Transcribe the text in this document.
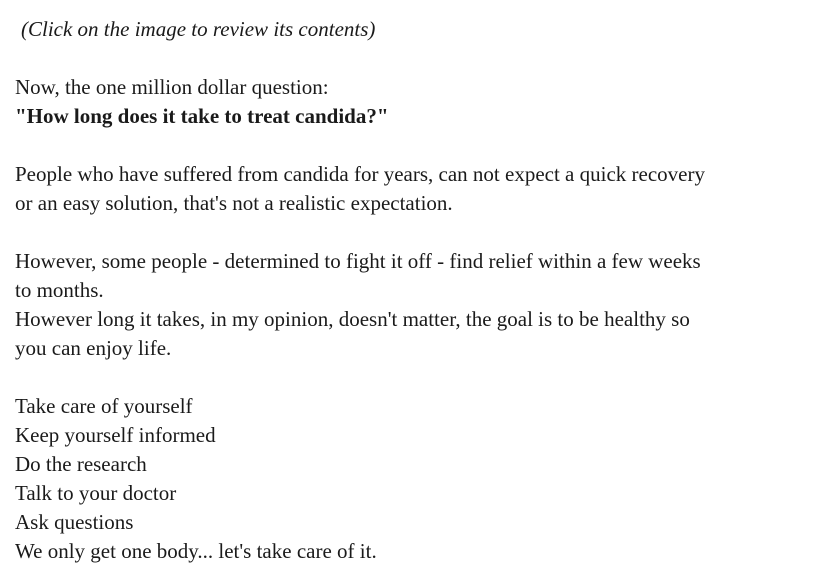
(Click on the image to review its contents)

Now, the one million dollar question:
"How long does it take to treat candida?"

People who have suffered from candida for years, can not expect a quick recovery
or an easy solution, that's not a realistic expectation.

However, some people - determined to fight it off - find relief within a few weeks
to months.
However long it takes, in my opinion, doesn't matter, the goal is to be healthy so
you can enjoy life.

Take care of yourself
Keep yourself informed
Do the research
Talk to your doctor
Ask questions
We only get one body... let's take care of it.
